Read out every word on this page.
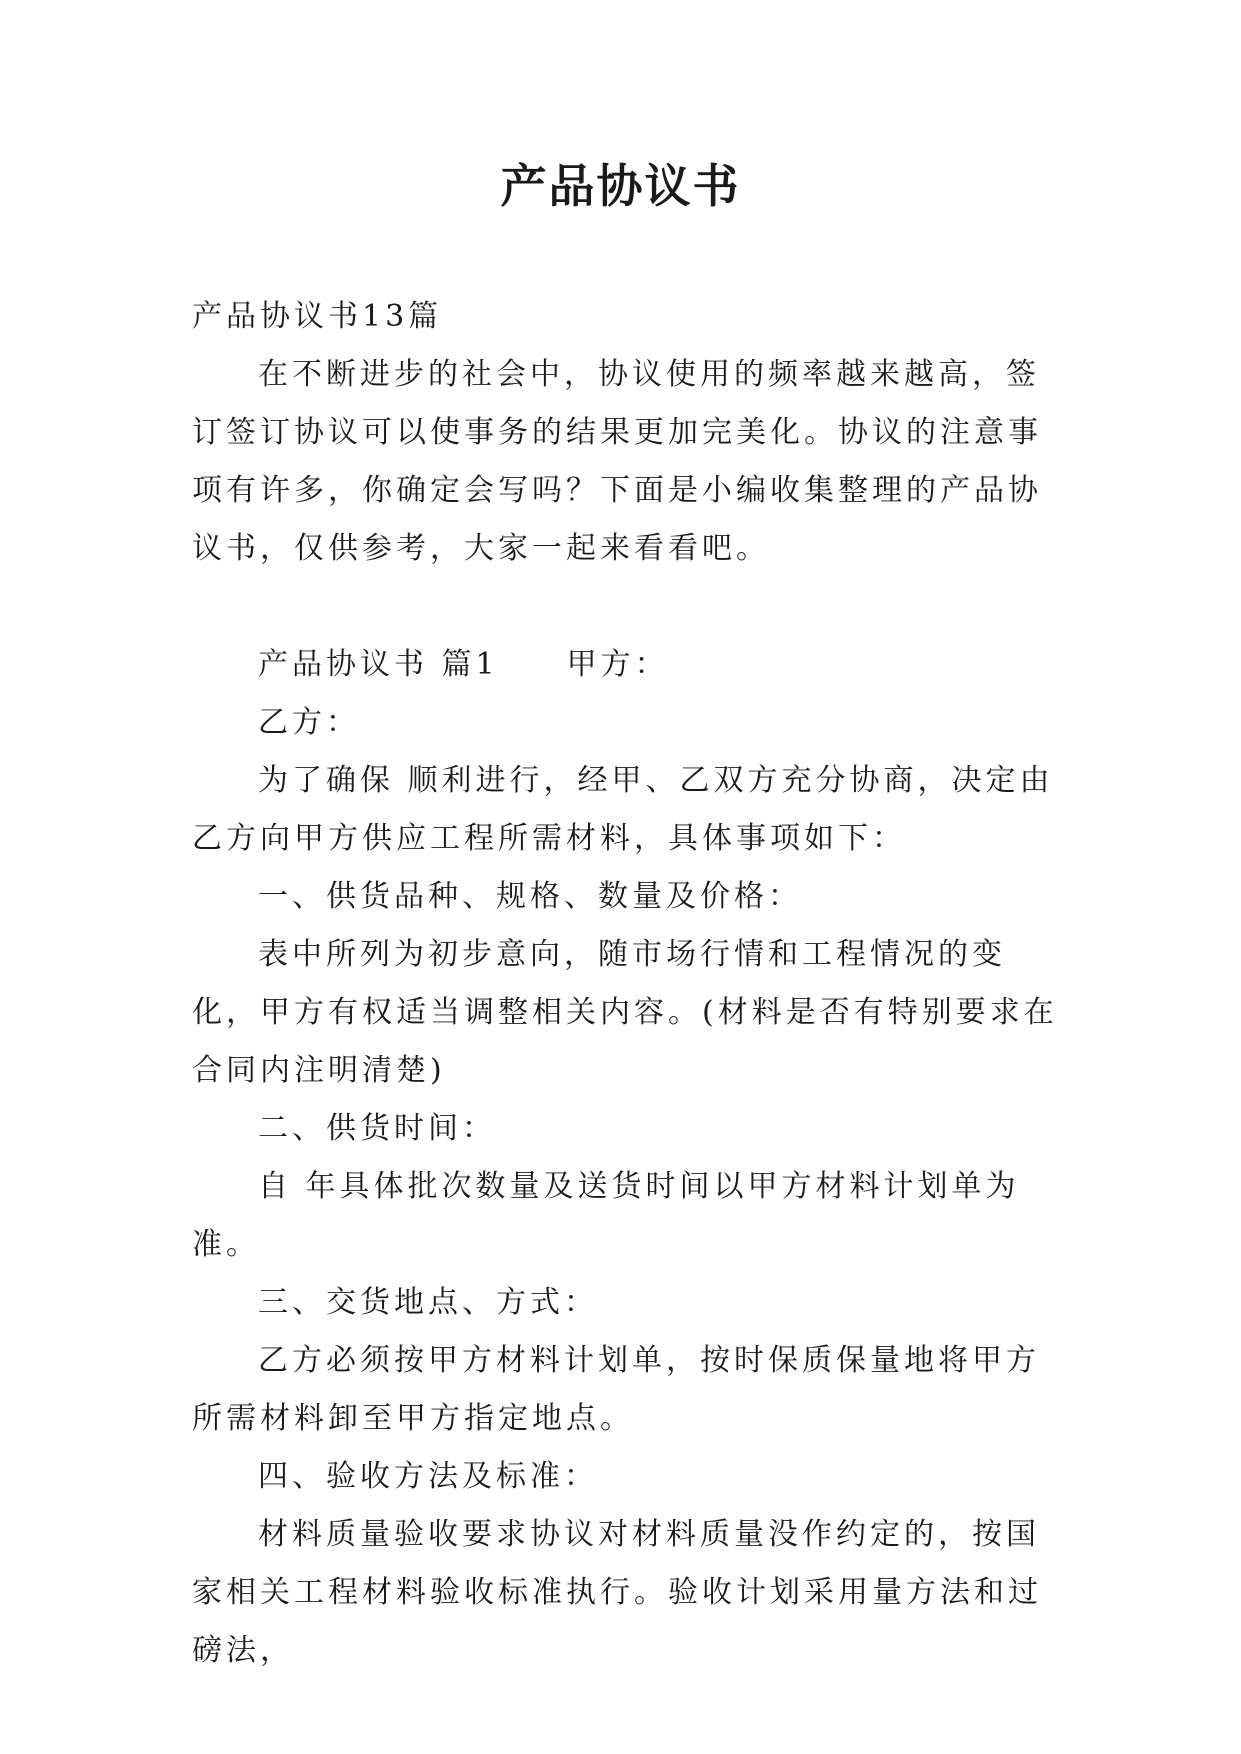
产品协议书

产品协议书13篇

在不断进步的社会中，协议使用的频率越来越高，签订签订协议可以使事务的结果更加完美化。协议的注意事项有许多，你确定会写吗？下面是小编收集整理的产品协议书，仅供参考，大家一起来看看吧。

产品协议书 篇1　　甲方：

乙方：

为了确保 顺利进行，经甲、乙双方充分协商，决定由乙方向甲方供应工程所需材料，具体事项如下：

一、供货品种、规格、数量及价格：

表中所列为初步意向，随市场行情和工程情况的变化，甲方有权适当调整相关内容。(材料是否有特别要求在合同内注明清楚)

二、供货时间：

自 年具体批次数量及送货时间以甲方材料计划单为准。

三、交货地点、方式：

乙方必须按甲方材料计划单，按时保质保量地将甲方所需材料卸至甲方指定地点。

四、验收方法及标准：

材料质量验收要求协议对材料质量没作约定的，按国家相关工程材料验收标准执行。验收计划采用量方法和过磅法，
